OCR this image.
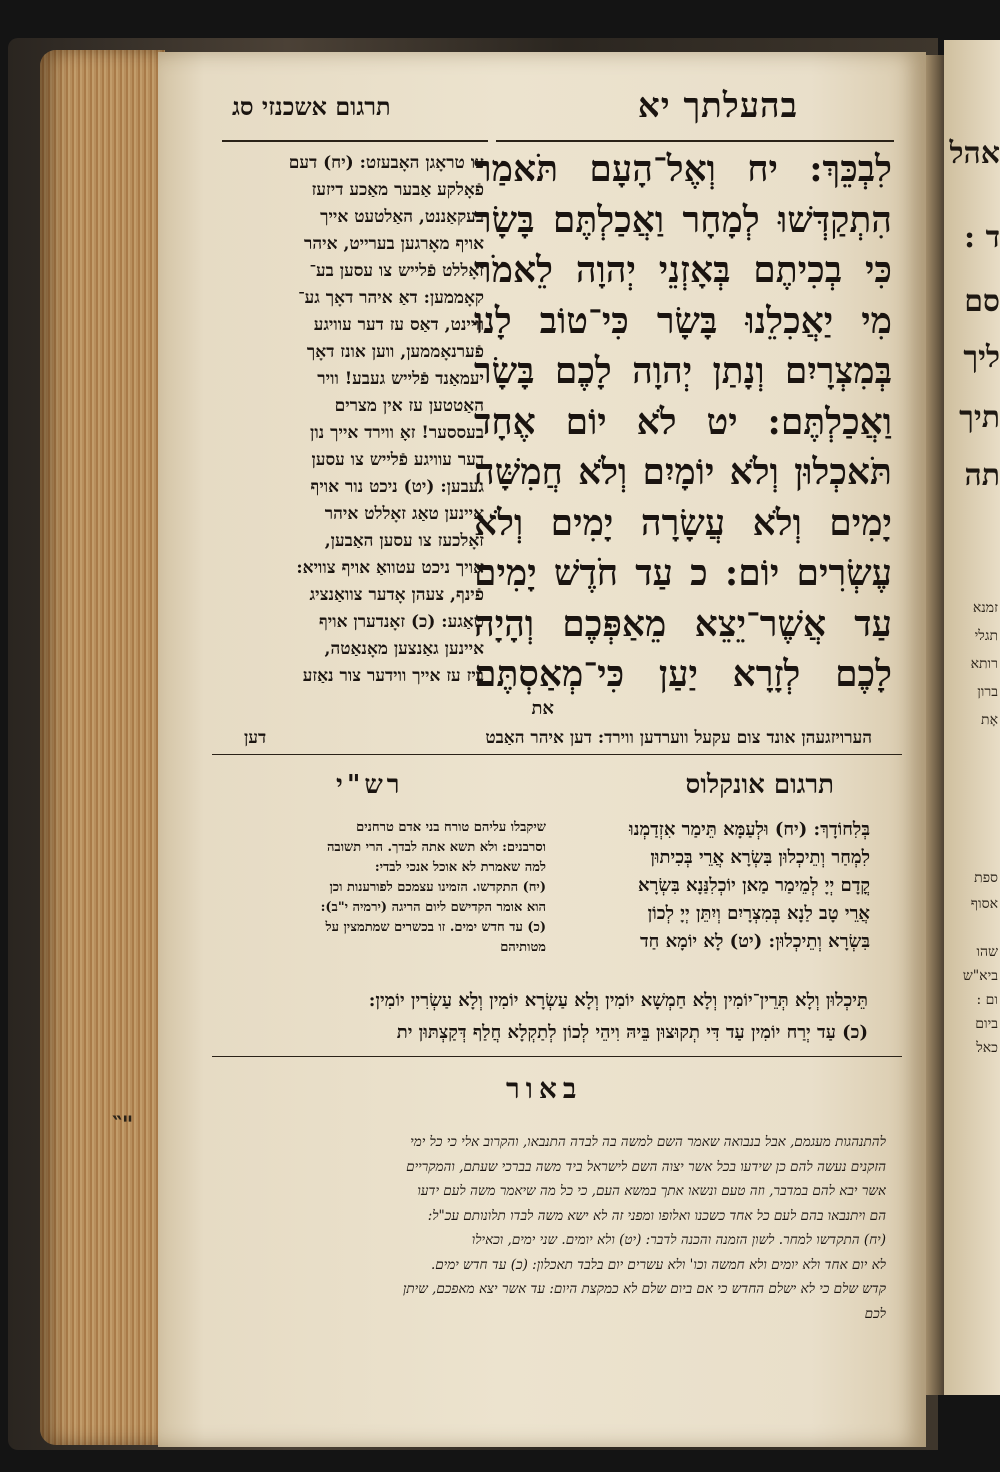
אהל
ד :
סם
ליך
תיך
תה
זמנא
תגלי
רותא
ברון
אָת
ספת
אסוף
שהו
ביא"ש
ום :
ביום
כאל
בהעלתך יא
תרגום אשכנזי סג
לִבְכֵּךְ: יח וְאֶל־הָעָם תֹּאמַר
הִתְקַדְּשׁוּ לְמָחָר וַאֲכַלְתֶּם בָּשָׂר
כִּי בְכִיתֶם בְּאָזְנֵי יְהוָה לֵאמֹר
מִי יַאֲכִלֵנוּ בָּשָׂר כִּי־טוֹב לָנוּ
בְּמִצְרָיִם וְנָתַן יְהוָה לָכֶם בָּשָׂר
וַאֲכַלְתֶּם: יט לֹא יוֹם אֶחָד
תֹּאכְלוּן וְלֹא יוֹמָיִם וְלֹא חֲמִשָּׁה
יָמִים וְלֹא עֲשָׂרָה יָמִים וְלֹא
עֶשְׂרִים יוֹם: כ עַד חֹדֶשׁ יָמִים
עַד אֲשֶׁר־יֵצֵא מֵאַפְּכֶם וְהָיָה
לָכֶם לְזָרָא יַעַן כִּי־מְאַסְתֶּם
את
צו טראָגן האָבעזט: (יח) דעם
פֿאָלקע אַבער מאַכע דיזעז
בעקאַננט, האַלטעט אייך
אויף מאָרגען בערייט, איהר
זאָללט פֿלייש צו עסען בע־
קאָממען: דאַ איהר דאָך גע־
וויינט, דאַס עז דער עוויגע
פֿערנאָממען, ווען אונז דאָך
יעמאַנד פֿלייש געבע! וויר
האַטטען עז אין מצרים
בעססער! זאָ ווירד אייך נון
דער עוויגע פֿלייש צו עסען
געבען: (יט) ניכט נור אויף
איינען טאַג זאָללט איהר
זאָלכעז צו עסען האַבען,
אויך ניכט עטוואַ אויף צוויא:
פֿינף, צעהן אָדער צוואַנציג
טאַגע: (כ) זאָנדערן אויף
איינען גאַנצען מאָנאַטה,
ביז עז אייך ווידער צור נאַזע
הערויזגעהן אונד צום עקעל ווערדען ווירד: דען איהר האַבט
דען
תרגום אונקלוס
רש"י
בְּלִחוֹדָךְ: (יח) וּלְעַמָּא תֵּימַר אִזְדַמְנוּ
לִמְחַר וְתֵיכְלוּן בִּשְׂרָא אֲרֵי בְּכִיתוּן
קֳדָם יְיָ לְמֵימַר מַאן יוֹכְלִנַּנָא בִּשְׂרָא
אֲרֵי טָב לַנָא בְּמִצְרָיִם וְיִתֵּן יְיָ לְכוֹן
בִּשְׂרָא וְתֵיכְלוּן: (יט) לָא יוֹמָא חַד
שיקבלו עליהם טורח בני אדם טרחנים
וסרבנים: ולא תשא אתה לבדך. הרי תשובה
למה שאמרת לא אוכל אנכי לבדי:
(יח) התקדשו. הזמינו עצמכם לפורענות וכן
הוא אומר הקדישם ליום הריגה (ירמיה י"ב):
(כ) עד חדש ימים. זו בכשרים שמתמצין על
מטותיהם
תֵּיכְלוּן וְלָא תְּרֵין־יוֹמִין וְלָא חַמְשָׁא יוֹמִין וְלָא עַשְׂרָא יוֹמִין וְלָא עַשְׂרִין יוֹמִין:
(כ) עַד יְרַח יוֹמִין עַד דִּי תְקוּצוּן בֵּיהּ וִיהֵי לְכוֹן לְתַקְלָא חֲלַף דְּקַצְתּוּן ית
באור
להתנהגות מעגמם, אבל בנבואה שאמר השם למשה בה לבדה התנבאו, והקרוב אלי כי כל ימי
הזקנים נעשה להם כן שידעו בכל אשר יצוה השם לישראל ביד משה בברכי שעתם, והמקריים
אשר יבא להם במדבר, וזה טעם ונשאו אתך במשא העם, כי כל מה שיאמר משה לעם ידעו
הם ויתנבאו בהם לעם כל אחד כשכנו ואלופו ומפני זה לא ישא משה לבדו תלונותם עכ"ל:
(יח) התקדשו למחר. לשון הזמנה והכנה לדבר: (יט) ולא יומים. שני ימים, וכאילו
לא יום אחד ולא יומים ולא חמשה וכו' ולא עשרים יום בלבד תאכלון: (כ) עד חדש ימים.
קדש שלם כי לא ישלם החדש כי אם ביום שלם לא כמקצת היום: עד אשר יצא מאפכם, שיתן
לכם
‶"
